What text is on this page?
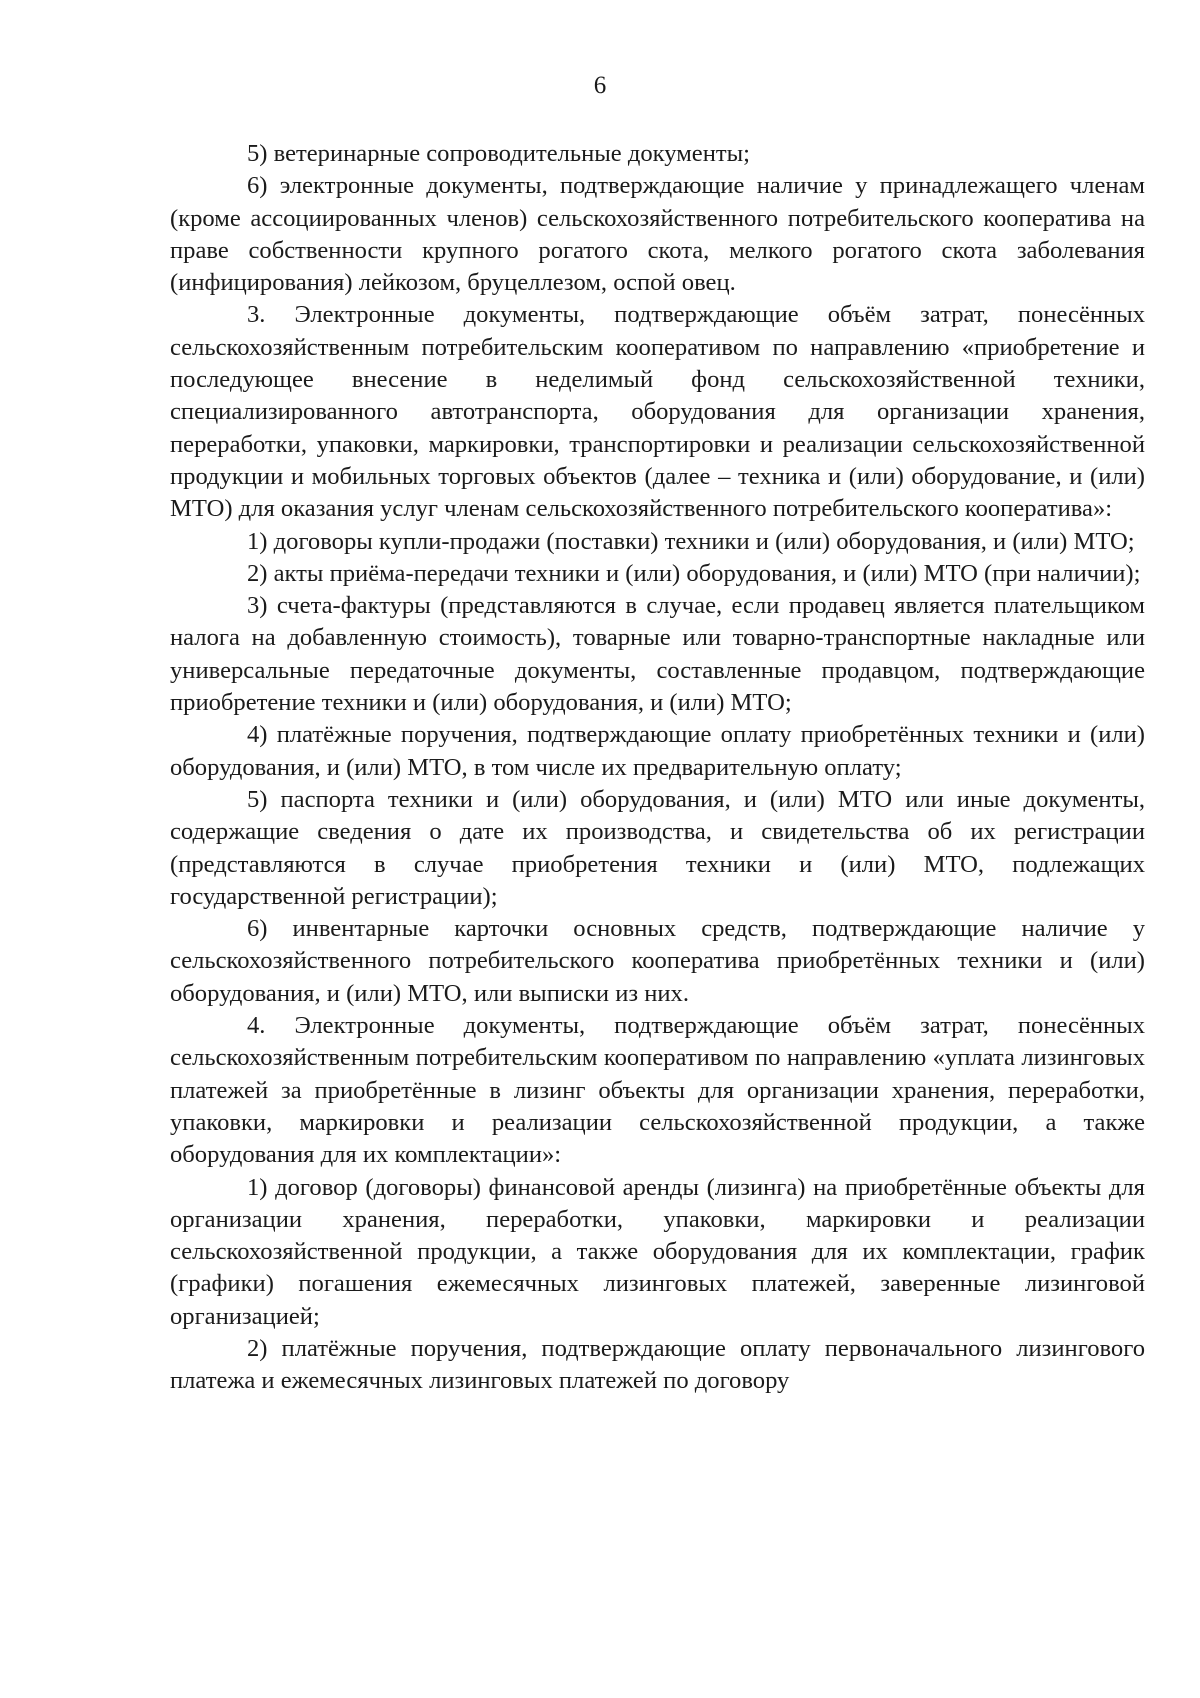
6

5) ветеринарные сопроводительные документы;

6) электронные документы, подтверждающие наличие у принадлежащего членам (кроме ассоциированных членов) сельскохозяйственного потребительского кооператива на праве собственности крупного рогатого скота, мелкого рогатого скота заболевания (инфицирования) лейкозом, бруцеллезом, оспой овец.

3. Электронные документы, подтверждающие объём затрат, понесённых сельскохозяйственным потребительским кооперативом по направлению «приобретение и последующее внесение в неделимый фонд сельскохозяйственной техники, специализированного автотранспорта, оборудования для организации хранения, переработки, упаковки, маркировки, транспортировки и реализации сельскохозяйственной продукции и мобильных торговых объектов (далее – техника и (или) оборудование, и (или) МТО) для оказания услуг членам сельскохозяйственного потребительского кооператива»:

1) договоры купли-продажи (поставки) техники и (или) оборудования, и (или) МТО;

2) акты приёма-передачи техники и (или) оборудования, и (или) МТО (при наличии);

3) счета-фактуры (представляются в случае, если продавец является плательщиком налога на добавленную стоимость), товарные или товарно-транспортные накладные или универсальные передаточные документы, составленные продавцом, подтверждающие приобретение техники и (или) оборудования, и (или) МТО;

4) платёжные поручения, подтверждающие оплату приобретённых техники и (или) оборудования, и (или) МТО, в том числе их предварительную оплату;

5) паспорта техники и (или) оборудования, и (или) МТО или иные документы, содержащие сведения о дате их производства, и свидетельства об их регистрации (представляются в случае приобретения техники и (или) МТО, подлежащих государственной регистрации);

6) инвентарные карточки основных средств, подтверждающие наличие у сельскохозяйственного потребительского кооператива приобретённых техники и (или) оборудования, и (или) МТО, или выписки из них.

4. Электронные документы, подтверждающие объём затрат, понесённых сельскохозяйственным потребительским кооперативом по направлению «уплата лизинговых платежей за приобретённые в лизинг объекты для организации хранения, переработки, упаковки, маркировки и реализации сельскохозяйственной продукции, а также оборудования для их комплектации»:

1) договор (договоры) финансовой аренды (лизинга) на приобретённые объекты для организации хранения, переработки, упаковки, маркировки и реализации сельскохозяйственной продукции, а также оборудования для их комплектации, график (графики) погашения ежемесячных лизинговых платежей, заверенные лизинговой организацией;

2) платёжные поручения, подтверждающие оплату первоначального лизингового платежа и ежемесячных лизинговых платежей по договору
